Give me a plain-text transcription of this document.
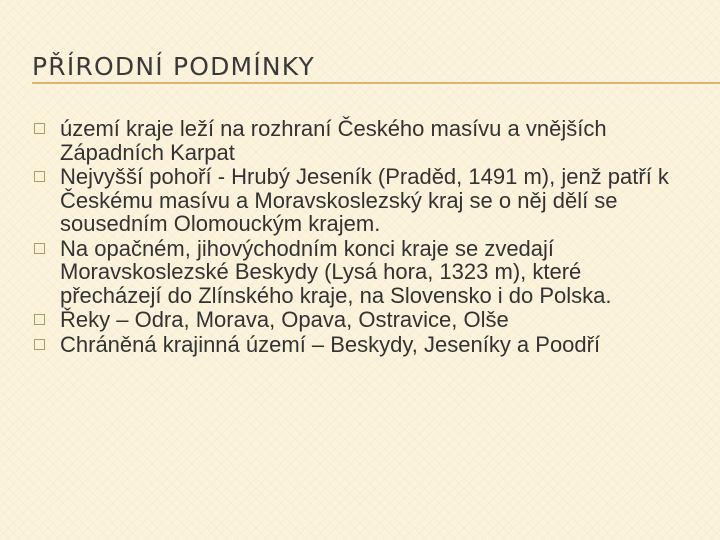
PŘÍRODNÍ PODMÍNKY
území kraje leží na rozhraní Českého masívu a vnějších Západních Karpat
Nejvyšší pohoří - Hrubý Jeseník (Praděd, 1491 m), jenž patří k Českému masívu a Moravskoslezský kraj se o něj dělí se sousedním Olomouckým krajem.
Na opačném, jihovýchodním konci kraje se zvedají Moravskoslezské Beskydy (Lysá hora, 1323 m), které přecházejí do Zlínského kraje, na Slovensko i do Polska.
Řeky – Odra, Morava, Opava, Ostravice, Olše
Chráněná krajinná území – Beskydy, Jeseníky a Poodří
